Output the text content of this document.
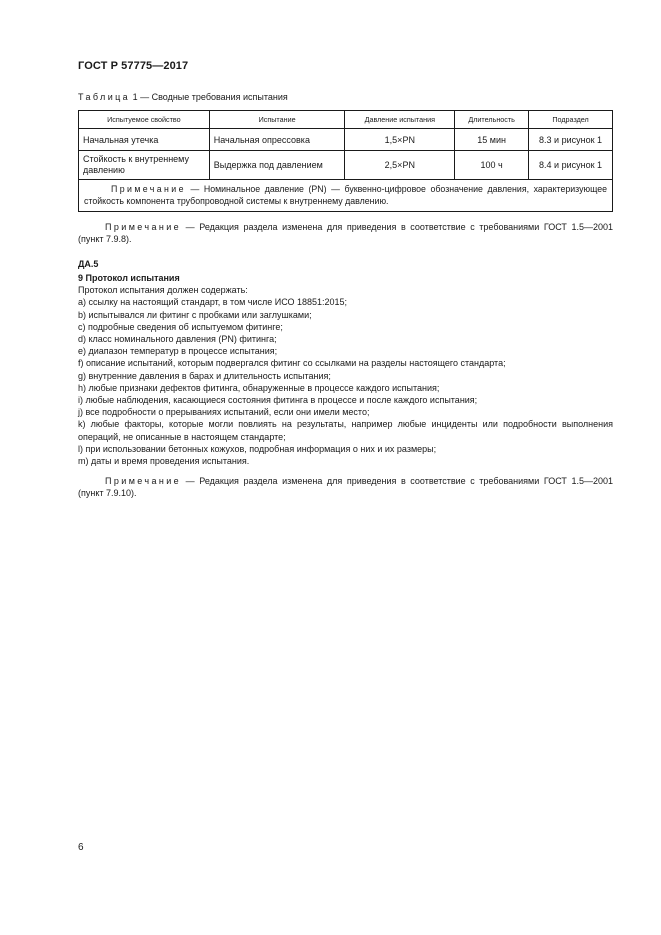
ГОСТ Р 57775—2017
Таблица 1 — Сводные требования испытания
Испытуемое свойство	Испытание	Давление испытания	Длительность	Подраздел
Начальная утечка	Начальная опрессовка	1,5×PN	15 мин	8.3 и рисунок 1
Стойкость к внутреннему давлению	Выдержка под давлением	2,5×PN	100 ч	8.4 и рисунок 1
Примечание — Номинальное давление (PN) — буквенно-цифровое обозначение давления, характеризующее стойкость компонента трубопроводной системы к внутреннему давлению.				
Примечание — Редакция раздела изменена для приведения в соответствие с требованиями ГОСТ 1.5—2001 (пункт 7.9.8).
ДА.5
9 Протокол испытания
Протокол испытания должен содержать:
a) ссылку на настоящий стандарт, в том числе ИСО 18851:2015;
b) испытывался ли фитинг с пробками или заглушками;
c) подробные сведения об испытуемом фитинге;
d) класс номинального давления (PN) фитинга;
e) диапазон температур в процессе испытания;
f) описание испытаний, которым подвергался фитинг со ссылками на разделы настоящего стандарта;
g) внутренние давления в барах и длительность испытания;
h) любые признаки дефектов фитинга, обнаруженные в процессе каждого испытания;
i) любые наблюдения, касающиеся состояния фитинга в процессе и после каждого испытания;
j) все подробности о прерываниях испытаний, если они имели место;
k) любые факторы, которые могли повлиять на результаты, например любые инциденты или подробности выполнения операций, не описанные в настоящем стандарте;
l) при использовании бетонных кожухов, подробная информация о них и их размеры;
m) даты и время проведения испытания.
Примечание — Редакция раздела изменена для приведения в соответствие с требованиями ГОСТ 1.5—2001 (пункт 7.9.10).
6
